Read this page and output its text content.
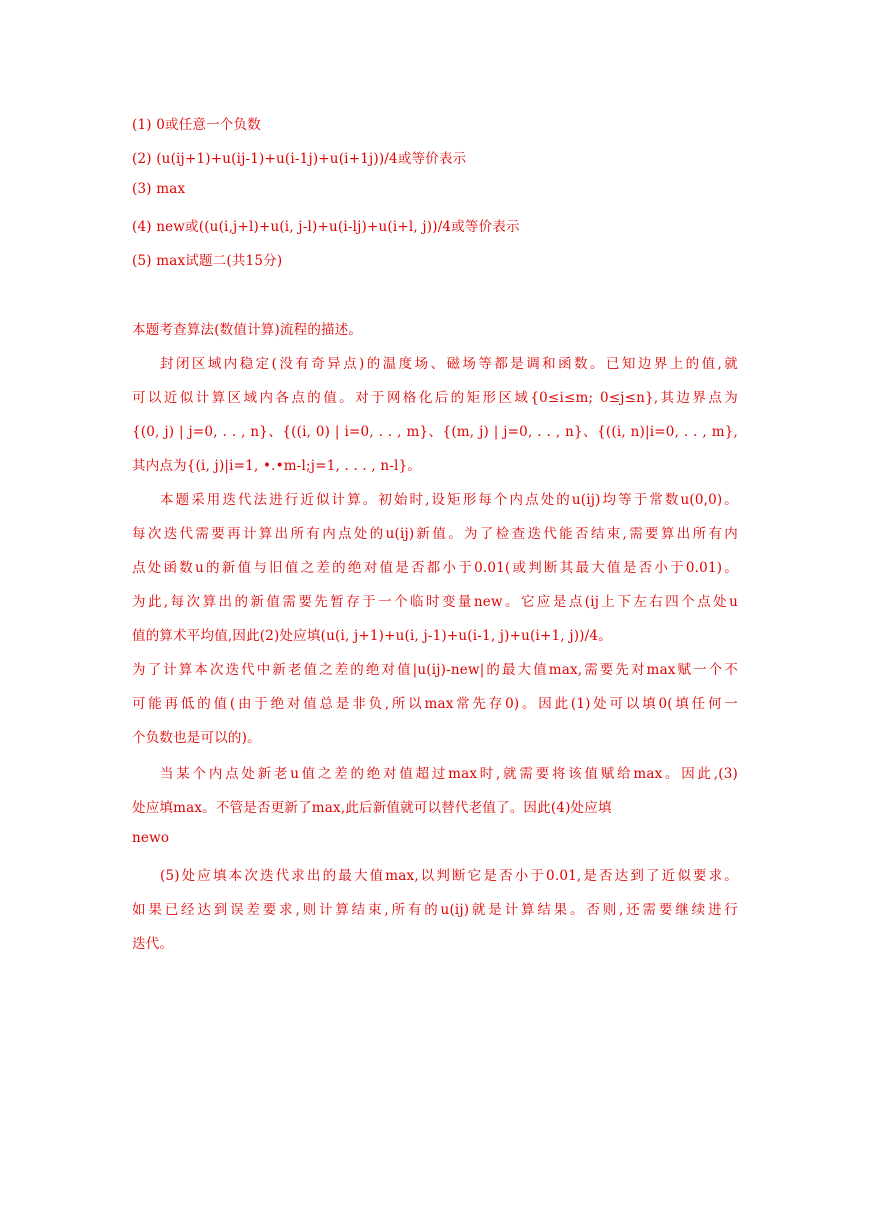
(1) 0或任意一个负数
(2) (u(ij+1)+u(ij-1)+u(i-1j)+u(i+1j))/4或等价表示
(3) max
(4) new或((u(i,j+l)+u(i, j-l)+u(i-lj)+u(i+l, j))/4或等价表示
(5) max试题二(共15分)
本题考查算法(数值计算)流程的描述。
封闭区域内稳定(没有奇异点)的温度场、磁场等都是调和函数。已知边界上的值,就
可以近似计算区域内各点的值。对于网格化后的矩形区域{0≤i≤m; 0≤j≤n},其边界点为
{(0, j) | j=0, . . , n}、{((i, 0) | i=0, . . , m}、{(m, j) | j=0, . . , n}、{((i, n)|i=0, . . , m},
其内点为{(i, j)|i=1, •.•m-l;j=1, . . . , n-l}。
本题采用迭代法进行近似计算。初始时,设矩形每个内点处的u(ij)均等于常数u(0,0)。
每次迭代需要再计算出所有内点处的u(ij)新值。为了检查迭代能否结束,需要算出所有内
点处函数u的新值与旧值之差的绝对值是否都小于0.01(或判断其最大值是否小于0.01)。
为此,每次算出的新值需要先暂存于一个临时变量new。它应是点(ij上下左右四个点处u
值的算术平均值,因此(2)处应填(u(i, j+1)+u(i, j-1)+u(i-1, j)+u(i+1, j))/4。
为了计算本次迭代中新老值之差的绝对值|u(ij)-new|的最大值max,需要先对max赋一个不
可能再低的值(由于绝对值总是非负,所以max常先存0)。因此(1)处可以填0(填任何一
个负数也是可以的)。
当某个内点处新老u值之差的绝对值超过max时,就需要将该值赋给max。因此,(3)
处应填max。不管是否更新了max,此后新值就可以替代老值了。因此(4)处应填
newo
(5)处应填本次迭代求出的最大值max,以判断它是否小于0.01,是否达到了近似要求。
如果已经达到误差要求,则计算结束,所有的u(ij)就是计算结果。否则,还需要继续进行
迭代。
